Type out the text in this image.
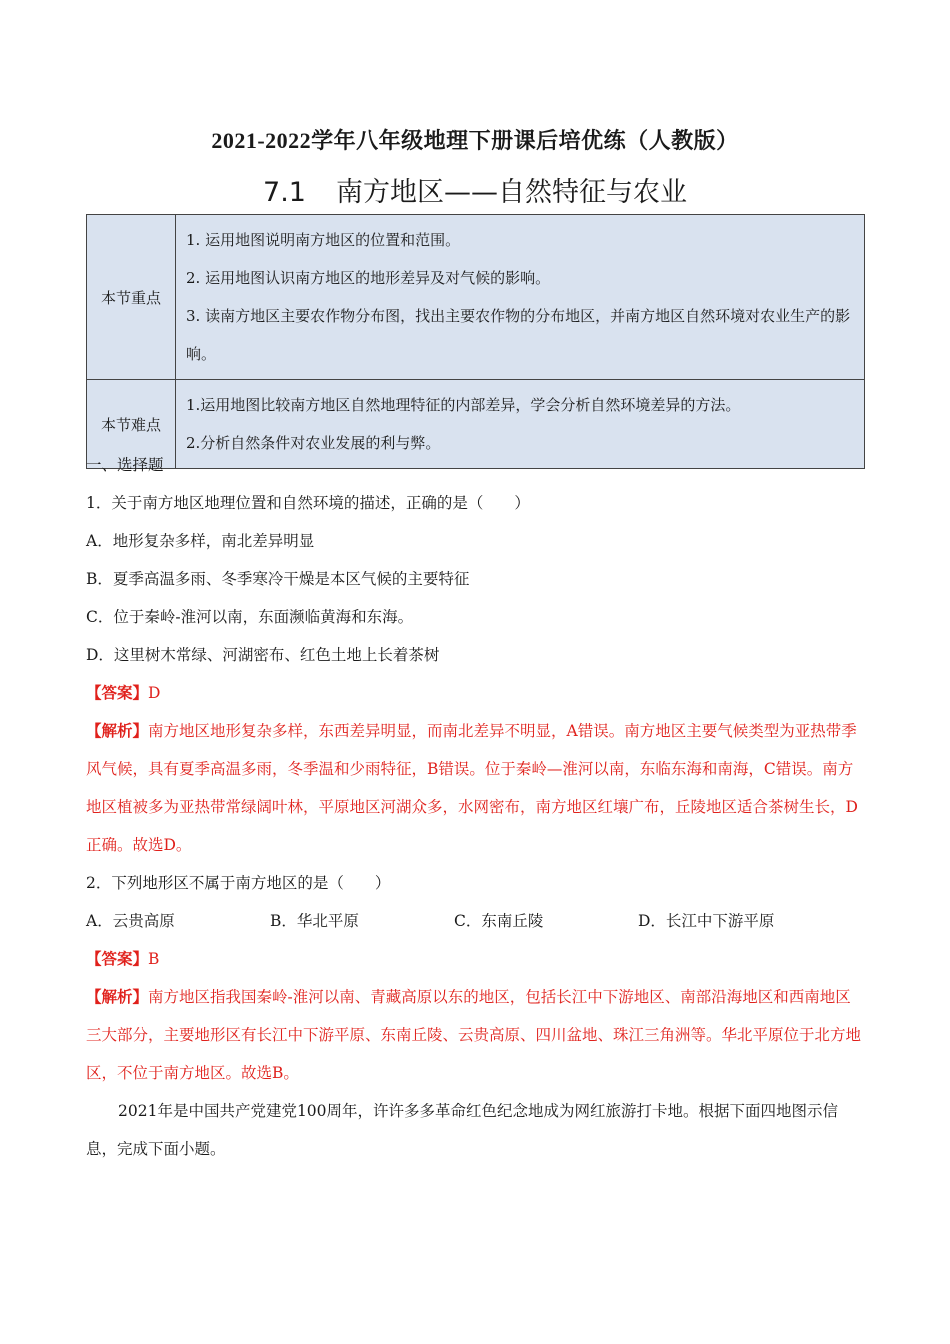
2021-2022学年八年级地理下册课后培优练（人教版）
7.1 南方地区——自然特征与农业
本节重点	1. 运用地图说明南方地区的位置和范围。
2. 运用地图认识南方地区的地形差异及对气候的影响。
3. 读南方地区主要农作物分布图，找出主要农作物的分布地区，并南方地区自然环境对农业生产的影响。

本节难点	1.运用地图比较南方地区自然地理特征的内部差异，学会分析自然环境差异的方法。
2.分析自然条件对农业发展的利与弊。
一、选择题
1．关于南方地区地理位置和自然环境的描述，正确的是（　　）
A．地形复杂多样，南北差异明显
B．夏季高温多雨、冬季寒冷干燥是本区气候的主要特征
C．位于秦岭-淮河以南，东面濒临黄海和东海。
D．这里树木常绿、河湖密布、红色土地上长着茶树
【答案】D
【解析】南方地区地形复杂多样，东西差异明显，而南北差异不明显，A错误。南方地区主要气候类型为亚热带季风气候，具有夏季高温多雨，冬季温和少雨特征，B错误。位于秦岭—淮河以南，东临东海和南海，C错误。南方地区植被多为亚热带常绿阔叶林，平原地区河湖众多，水网密布，南方地区红壤广布，丘陵地区适合茶树生长，D正确。故选D。
2．下列地形区不属于南方地区的是（　　）
A．云贵高原	B．华北平原	C．东南丘陵	D．长江中下游平原
【答案】B
【解析】南方地区指我国秦岭-淮河以南、青藏高原以东的地区，包括长江中下游地区、南部沿海地区和西南地区三大部分，主要地形区有长江中下游平原、东南丘陵、云贵高原、四川盆地、珠江三角洲等。华北平原位于北方地区，不位于南方地区。故选B。
2021年是中国共产党建党100周年，许许多多革命红色纪念地成为网红旅游打卡地。根据下面四地图示信息，完成下面小题。
